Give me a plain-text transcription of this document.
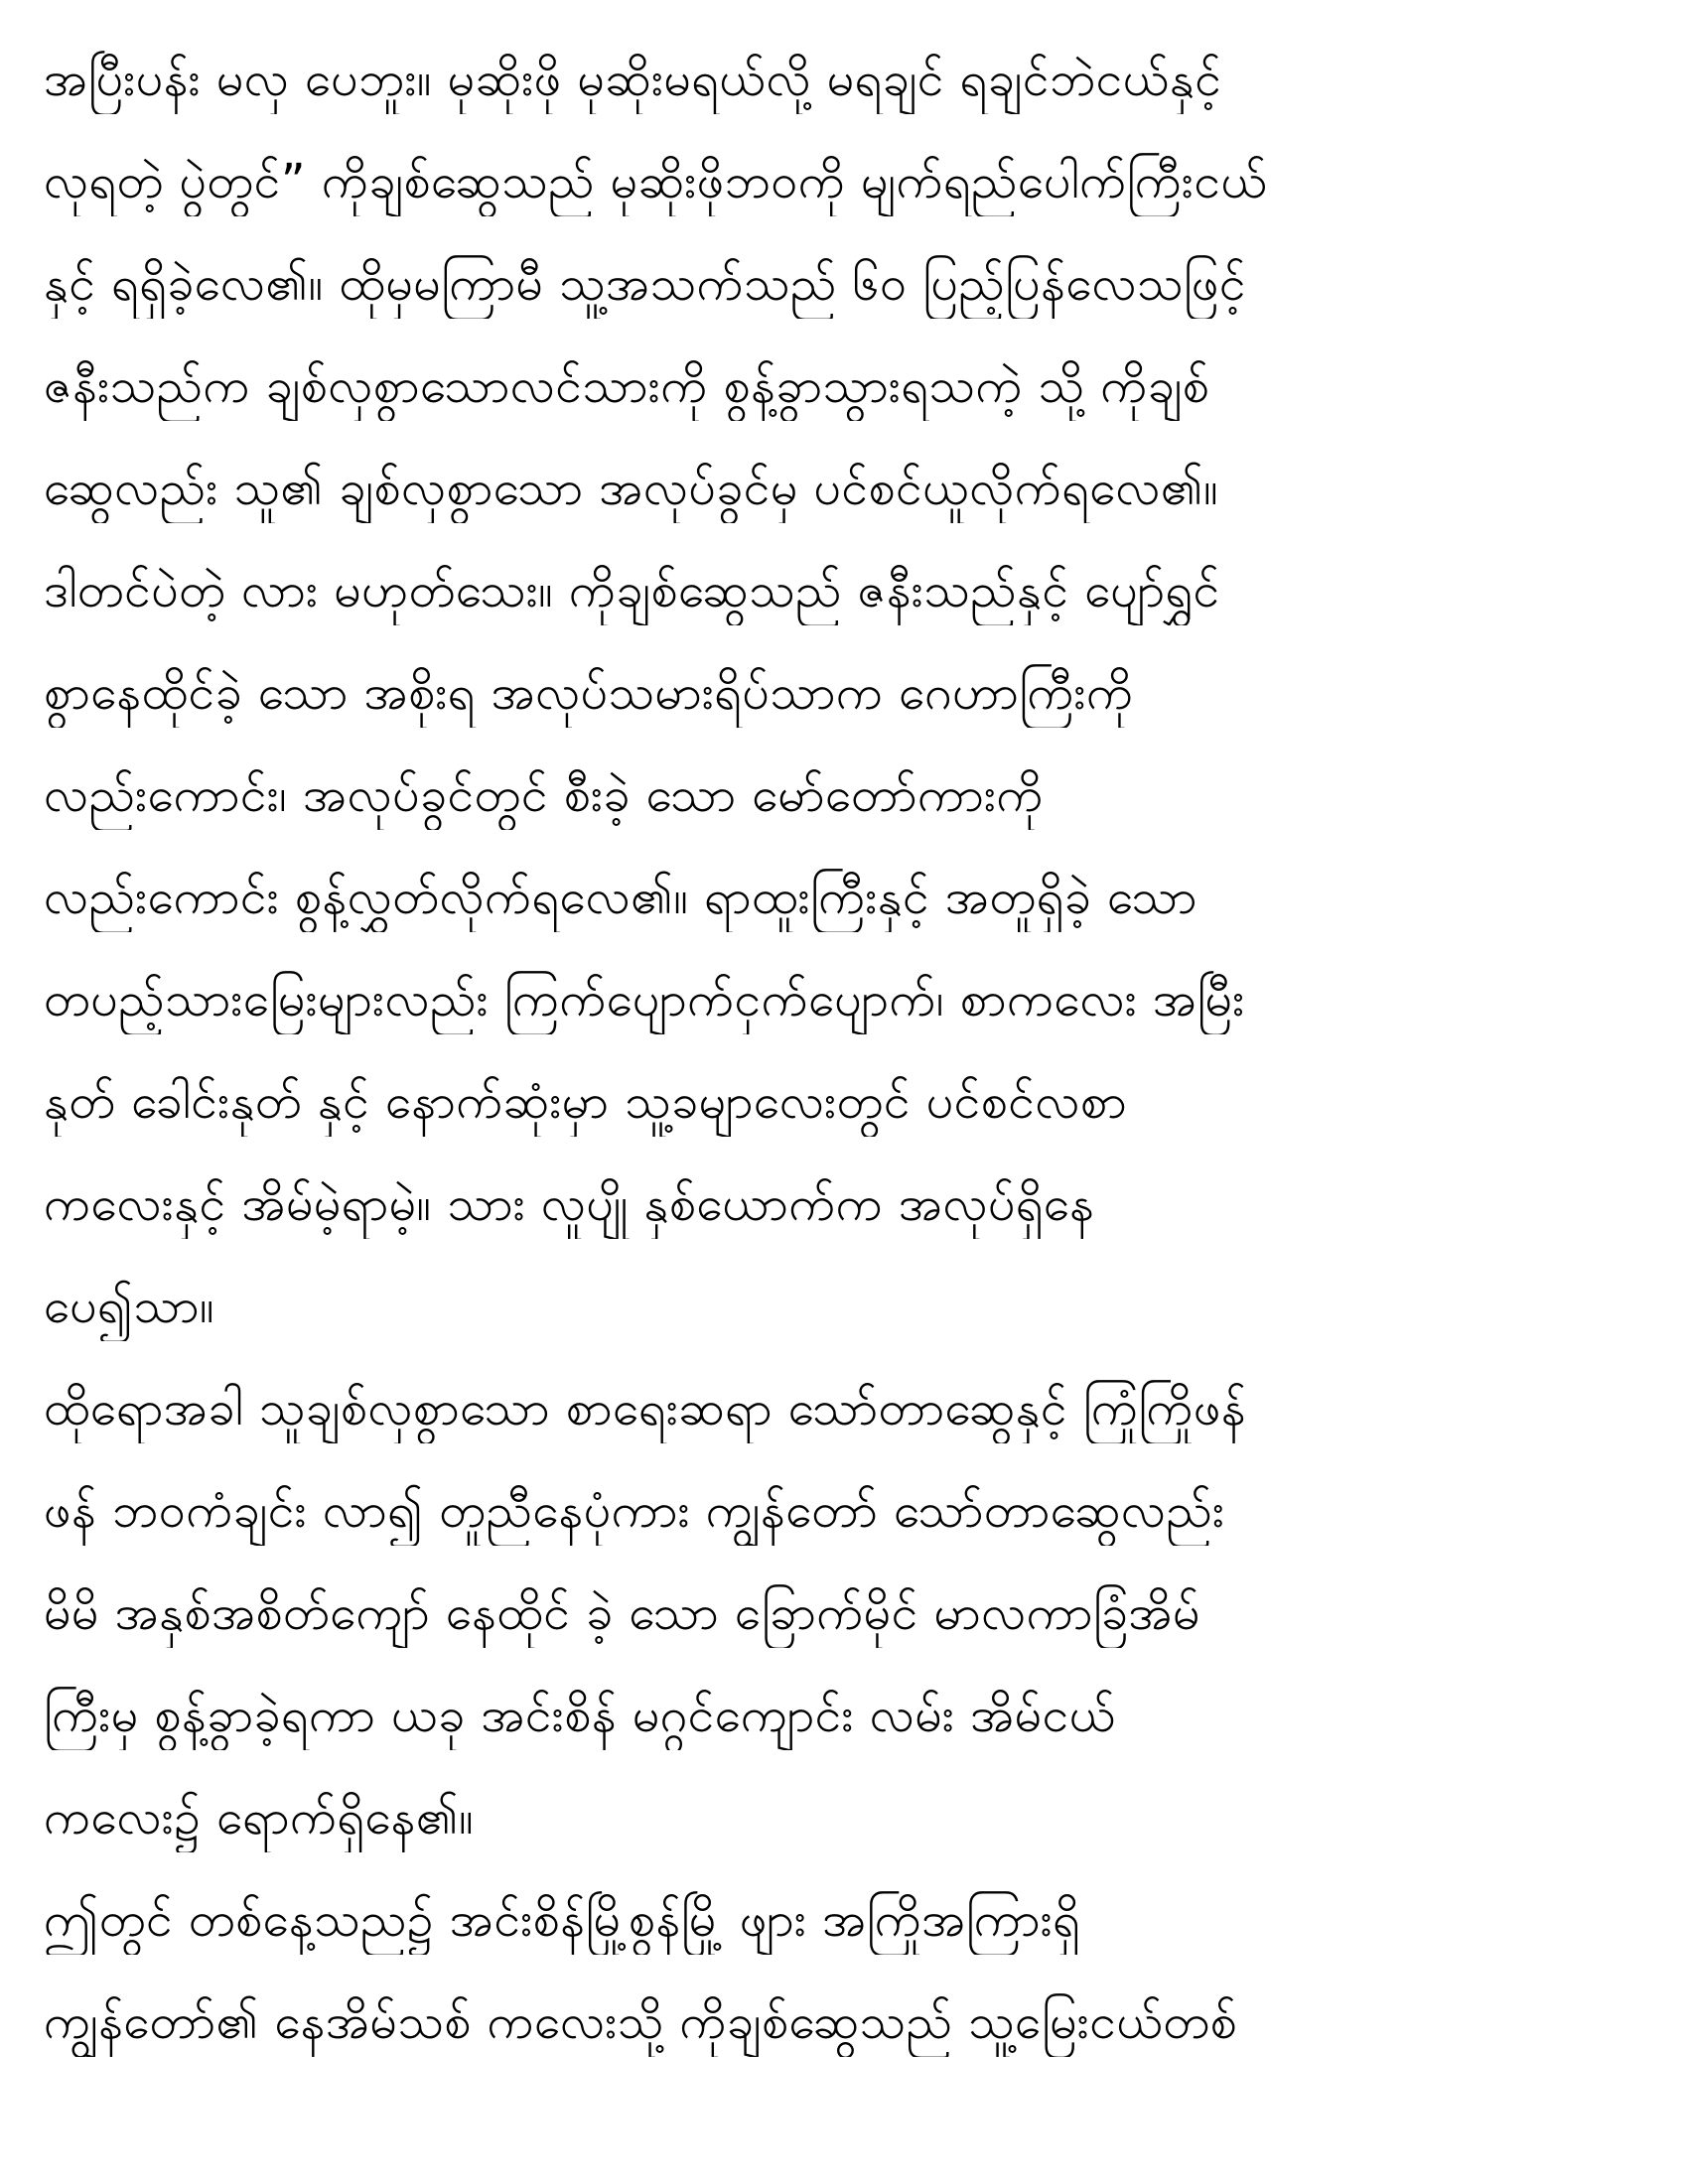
အပြီးပန်း မလှ ပေဘူး။ မုဆိုးဖို မုဆိုးမရယ်လို့ မရချင် ရချင်ဘဲငယ်နှင့်
လုရတဲ့ ပွဲတွင်” ကိုချစ်ဆွေသည် မုဆိုးဖိုဘဝကို မျက်ရည်ပေါက်ကြီးငယ်
နှင့် ရရှိခဲ့လေ၏။ ထိုမှမကြာမီ သူ့အသက်သည် ၆၀ ပြည့်ပြန်လေသဖြင့်
ဇနီးသည်က ချစ်လှစွာသောလင်သားကို စွန့်ခွာသွားရသကဲ့ သို့ ကိုချစ်
ဆွေလည်း သူ၏ ချစ်လှစွာသော အလုပ်ခွင်မှ ပင်စင်ယူလိုက်ရလေ၏။
ဒါတင်ပဲတဲ့ လား မဟုတ်သေး။ ကိုချစ်ဆွေသည် ဇနီးသည်နှင့် ပျော်ရွှင်
စွာနေထိုင်ခဲ့ သော အစိုးရ အလုပ်သမားရိပ်သာက ဂေဟာကြီးကို
လည်းကောင်း၊ အလုပ်ခွင်တွင် စီးခဲ့ သော မော်တော်ကားကို
လည်းကောင်း စွန့်လွှတ်လိုက်ရလေ၏။ ရာထူးကြီးနှင့် အတူရှိခဲ့ သော
တပည့်သားမြေးများလည်း ကြက်ပျောက်ငှက်ပျောက်၊ စာကလေး အမြီး
နုတ် ခေါင်းနုတ် နှင့် နောက်ဆုံးမှာ သူ့ခမျာလေးတွင် ပင်စင်လစာ
ကလေးနှင့် အိမ်မဲ့ရာမဲ့။ သား လူပျို နှစ်ယောက်က အလုပ်ရှိနေ
ပေ၍သာ။
ထိုရောအခါ သူချစ်လှစွာသော စာရေးဆရာ သော်တာဆွေနှင့် ကြုံကြိုဖန်
ဖန် ဘဝကံချင်း လာ၍ တူညီနေပုံကား ကျွန်တော် သော်တာဆွေလည်း
မိမိ အနှစ်အစိတ်ကျော် နေထိုင် ခဲ့ သော ခြောက်မိုင် မာလကာခြံအိမ်
ကြီးမှ စွန့်ခွာခဲ့ရကာ ယခု အင်းစိန် မဂ္ဂင်ကျောင်း လမ်း အိမ်ငယ်
ကလေး၌ ရောက်ရှိနေ၏။
ဤတွင် တစ်နေ့သည၌ အင်းစိန်မြို့စွန်မြို့ ဖျား အကြိုအကြားရှိ
ကျွန်တော်၏ နေအိမ်သစ် ကလေးသို့ ကိုချစ်ဆွေသည် သူ့မြေးငယ်တစ်
